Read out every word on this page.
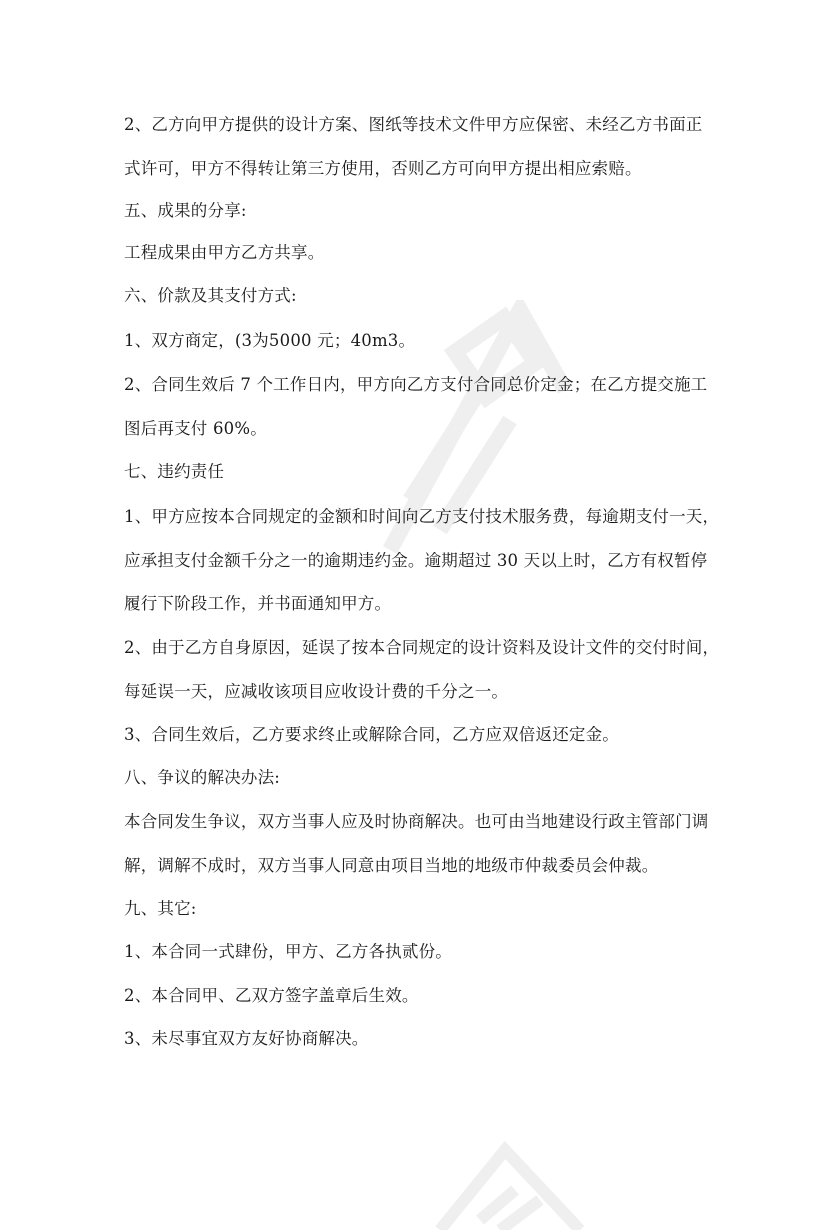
2、乙方向甲方提供的设计方案、图纸等技术文件甲方应保密、未经乙方书面正
式许可，甲方不得转让第三方使用，否则乙方可向甲方提出相应索赔。
五、成果的分享:
工程成果由甲方乙方共享。
六、价款及其支付方式:
1、双方商定，(3为5000 元；40m3。
2、合同生效后 7 个工作日内，甲方向乙方支付合同总价定金；在乙方提交施工
图后再支付 60%。
七、违约责任
1、甲方应按本合同规定的金额和时间向乙方支付技术服务费，每逾期支付一天，
应承担支付金额千分之一的逾期违约金。逾期超过 30 天以上时，乙方有权暂停
履行下阶段工作，并书面通知甲方。
2、由于乙方自身原因，延误了按本合同规定的设计资料及设计文件的交付时间，
每延误一天，应减收该项目应收设计费的千分之一。
3、合同生效后，乙方要求终止或解除合同，乙方应双倍返还定金。
八、争议的解决办法:
本合同发生争议，双方当事人应及时协商解决。也可由当地建设行政主管部门调
解，调解不成时，双方当事人同意由项目当地的地级市仲裁委员会仲裁。
九、其它:
1、本合同一式肆份，甲方、乙方各执贰份。
2、本合同甲、乙双方签字盖章后生效。
3、未尽事宜双方友好协商解决。
